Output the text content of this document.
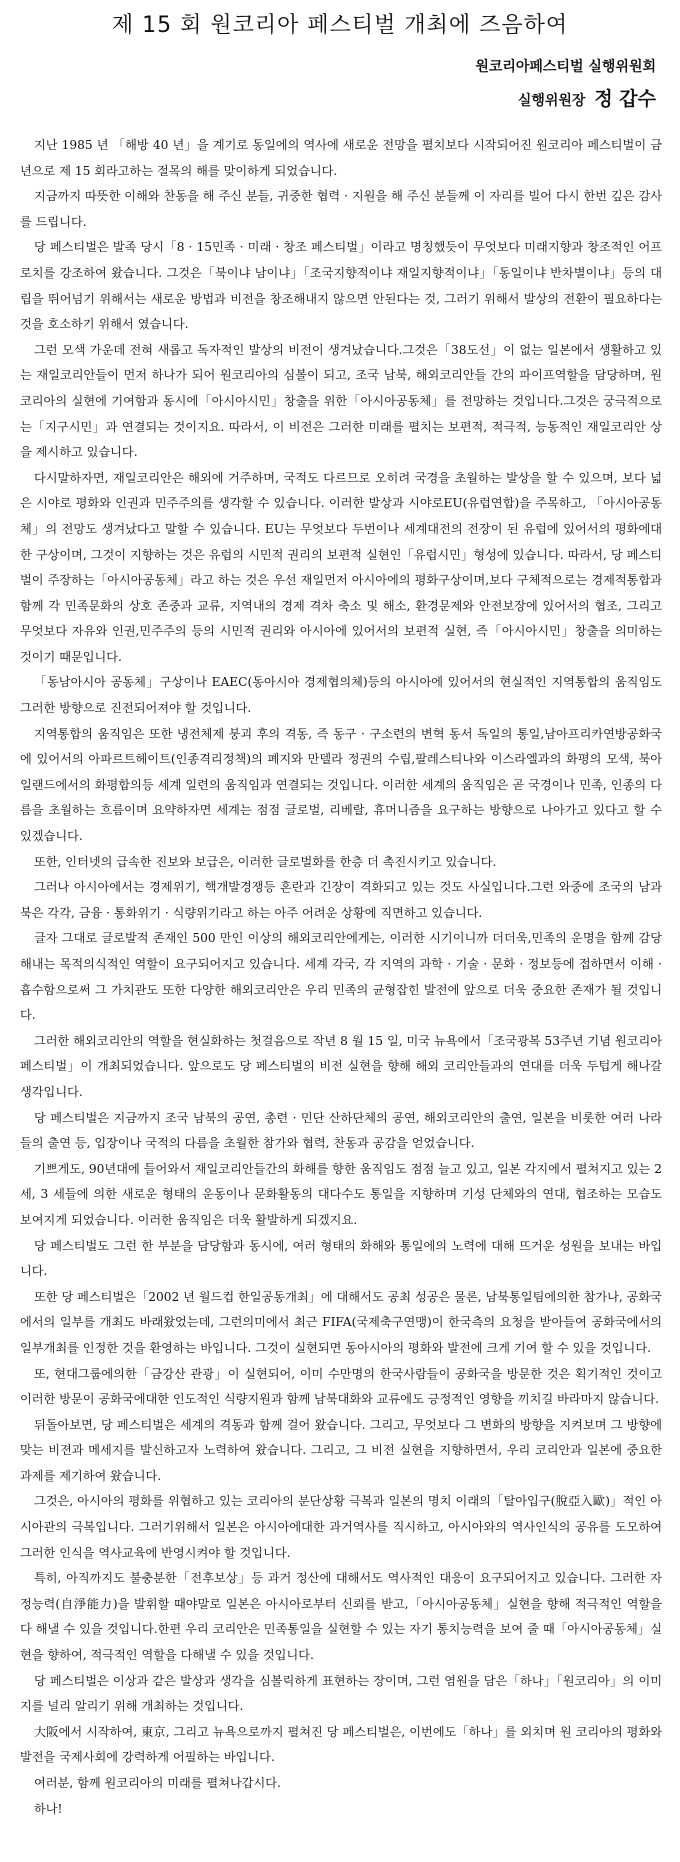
제 15 회 원코리아 페스티벌 개최에 즈음하여
원코리아페스티벌 실행위원회
실행위원장 정 갑수

지난 1985 년 「해방 40 년」을 계기로 동일에의 역사에 새로운 전망을 펼치보다 시작되어진 원코리아 페스티벌이 금년으로 제 15 회라고하는 절목의 해를 맞이하게 되었습니다.

지금까지 따뜻한 이해와 찬동을 해 주신 분들, 귀중한 협력 · 지원을 해 주신 분들께 이 자리를 빌어 다시 한번 깊은 감사를 드립니다.

당 페스티벌은 발족 당시「8 · 15민족 · 미래 · 창조 페스티벌」이라고 명칭했듯이 무엇보다 미래지향과 창조적인 어프로치를 강조하여 왔습니다. 그것은「북이냐 남이냐」「조국지향적이냐 재일지향적이냐」「동일이냐 반차별이냐」등의 대립을 뛰어넘기 위해서는 새로운 방법과 비전을 창조해내지 않으면 안된다는 것, 그러기 위해서 발상의 전환이 필요하다는 것을 호소하기 위해서 였습니다.

그런 모색 가운데 전혀 새롭고 독자적인 발상의 비전이 생겨났습니다.그것은「38도선」이 없는 일본에서 생활하고 있는 재일코리안들이 먼저 하나가 되어 원코리아의 심볼이 되고, 조국 남북, 해외코리안들 간의 파이프역할을 담당하며, 원코리아의 실현에 기여함과 동시에「아시아시민」창출을 위한「아시아공동체」를 전망하는 것입니다.그것은 궁극적으로는「지구시민」과 연결되는 것이지요. 따라서, 이 비전은 그러한 미래를 펼치는 보편적, 적극적, 능동적인 재일코리안 상을 제시하고 있습니다.

다시말하자면, 재일코리안은 해외에 거주하며, 국적도 다르므로 오히려 국경을 초월하는 발상을 할 수 있으며, 보다 넓은 시야로 평화와 인권과 민주주의를 생각할 수 있습니다. 이러한 발상과 시야로EU(유럽연합)을 주목하고, 「아시아공동체」의 전망도 생겨났다고 말할 수 있습니다. EU는 무엇보다 두번이나 세계대전의 전장이 된 유럽에 있어서의 평화에대한 구상이며, 그것이 지향하는 것은 유럽의 시민적 권리의 보편적 실현인「유럽시민」형성에 있습니다. 따라서, 당 페스티벌이 주장하는「아시아공동체」라고 하는 것은 우선 재일먼저 아시아에의 평화구상이며,보다 구체적으로는 경제적통합과 함께 각 민족문화의 상호 존중과 교류, 지역내의 경제 격차 축소 및 해소, 환경문제와 안전보장에 있어서의 협조, 그리고 무엇보다 자유와 인권,민주주의 등의 시민적 권리와 아시아에 있어서의 보편적 실현, 즉「아시아시민」창출을 의미하는 것이기 때문입니다.

「동남아시아 공동체」구상이나 EAEC(동아시아 경제협의체)등의 아시아에 있어서의 현실적인 지역통합의 움직임도 그러한 방향으로 진전되어져야 할 것입니다.

지역통합의 움직임은 또한 냉전체제 붕괴 후의 격동, 즉 동구 · 구소련의 변혁 동서 독일의 통일,남아프리카연방공화국에 있어서의 아파르트헤이트(인종격리정책)의 폐지와 만델라 정권의 수립,팔레스티나와 이스라엘과의 화평의 모색, 북아일랜드에서의 화평합의등 세계 일련의 움직임과 연결되는 것입니다. 이러한 세계의 움직임은 곧 국경이나 민족, 인종의 다름을 초월하는 흐름이며 요약하자면 세계는 점점 글로벌, 리베랄, 휴머니즘을 요구하는 방향으로 나아가고 있다고 할 수 있겠습니다.

또한, 인터넷의 급속한 진보와 보급은, 이러한 글로벌화를 한층 더 촉진시키고 있습니다.

그러나 아시아에서는 경제위기, 핵개발경쟁등 혼란과 긴장이 격화되고 있는 것도 사실입니다.그런 와중에 조국의 남과 북은 각각, 금융 · 통화위기 · 식량위기라고 하는 아주 어려운 상황에 직면하고 있습니다.

글자 그대로 글로발적 존재인 500 만인 이상의 해외코리안에게는, 이러한 시기이니까 더더욱,민족의 운명을 함께 감당해내는 목적의식적인 역할이 요구되어지고 있습니다. 세계 각국, 각 지역의 과학 · 기술 · 문화 · 정보등에 접하면서 이해 · 흡수함으로써 그 가치관도 또한 다양한 해외코리안은 우리 민족의 균형잡힌 발전에 앞으로 더욱 중요한 존재가 될 것입니다.

그러한 해외코리안의 역할을 현실화하는 첫걸음으로 작년 8 월 15 일, 미국 뉴욕에서「조국광복 53주년 기념 원코리아 페스티벌」이 개최되었습니다. 앞으로도 당 페스티벌의 비전 실현을 향해 해외 코리안들과의 연대를 더욱 두텁게 해나갈 생각입니다.

당 페스티벌은 지금까지 조국 남북의 공연, 총련 · 민단 산하단체의 공연, 해외코리안의 출연, 일본을 비롯한 여러 나라들의 출연 등, 입장이나 국적의 다름을 초월한 참가와 협력, 찬동과 공감을 얻었습니다.

기쁘게도, 90년대에 들어와서 재일코리안들간의 화해를 향한 움직임도 점점 늘고 있고, 일본 각지에서 펼쳐지고 있는 2 세, 3 세들에 의한 새로운 형태의 운동이나 문화활동의 대다수도 통일을 지향하며 기성 단체와의 연대, 협조하는 모습도 보여지게 되었습니다. 이러한 움직임은 더욱 활발하게 되겠지요.

당 페스티벌도 그런 한 부분을 담당함과 동시에, 여러 형태의 화해와 통일에의 노력에 대해 뜨거운 성원을 보내는 바입니다.

또한 당 페스티벌은「2002 년 월드컵 한일공동개최」에 대해서도 공최 성공은 물론, 남북통일팀에의한 참가나, 공화국에서의 일부를 개최도 바래왔었는데, 그런의미에서 최근 FIFA(국제축구연맹)이 한국측의 요청을 받아들여 공화국에서의 일부개최를 인정한 것을 환영하는 바입니다. 그것이 실현되면 동아시아의 평화와 발전에 크게 기여 할 수 있을 것입니다.

또, 현대그룹에의한「금강산 관광」이 실현되어, 이미 수만명의 한국사람들이 공화국을 방문한 것은 획기적인 것이고 이러한 방문이 공화국에대한 인도적인 식량지원과 함께 남북대화와 교류에도 긍정적인 영향을 끼치길 바라마지 않습니다.

뒤돌아보면, 당 페스티벌은 세계의 격동과 함께 걸어 왔습니다. 그리고, 무엇보다 그 변화의 방향을 지켜보며 그 방향에 맞는 비젼과 메세지를 발신하고자 노력하여 왔습니다. 그리고, 그 비전 실현을 지향하면서, 우리 코리안과 일본에 중요한 과제를 제기하여 왔습니다.

그것은, 아시아의 평화를 위협하고 있는 코리아의 분단상황 극복과 일본의 명치 이래의「탈아입구(脫亞入歐)」적인 아시아관의 극복입니다. 그러기위해서 일본은 아시아에대한 과거역사를 직시하고, 아시아와의 역사인식의 공유를 도모하여 그러한 인식을 역사교육에 반영시켜야 할 것입니다.

특히, 아직까지도 불충분한「전후보상」등 과거 정산에 대해서도 역사적인 대응이 요구되어지고 있습니다. 그러한 자정능력(自淨能力)을 발휘할 때야말로 일본은 아시아로부터 신뢰를 받고,「아시아공동체」실현을 향해 적극적인 역할을 다 해낼 수 있을 것입니다.한편 우리 코리안은 민족통일을 실현할 수 있는 자기 통치능력을 보여 줄 때「아시아공동체」실현을 향하여, 적극적인 역할을 다해낼 수 있을 것입니다.

당 페스티벌은 이상과 같은 발상과 생각을 심볼릭하게 표현하는 장이며, 그런 염원을 담은「하나」「원코리아」의 이미지를 널리 알리기 위해 개최하는 것입니다.

大阪에서 시작하여, 東京, 그리고 뉴욕으로까지 펼쳐진 당 페스티벌은, 이번에도「하나」를 외치며 원 코리아의 평화와 발전을 국제사회에 강력하게 어필하는 바입니다.

여러분, 함께 원코리아의 미래를 펼쳐나갑시다.

하나!
